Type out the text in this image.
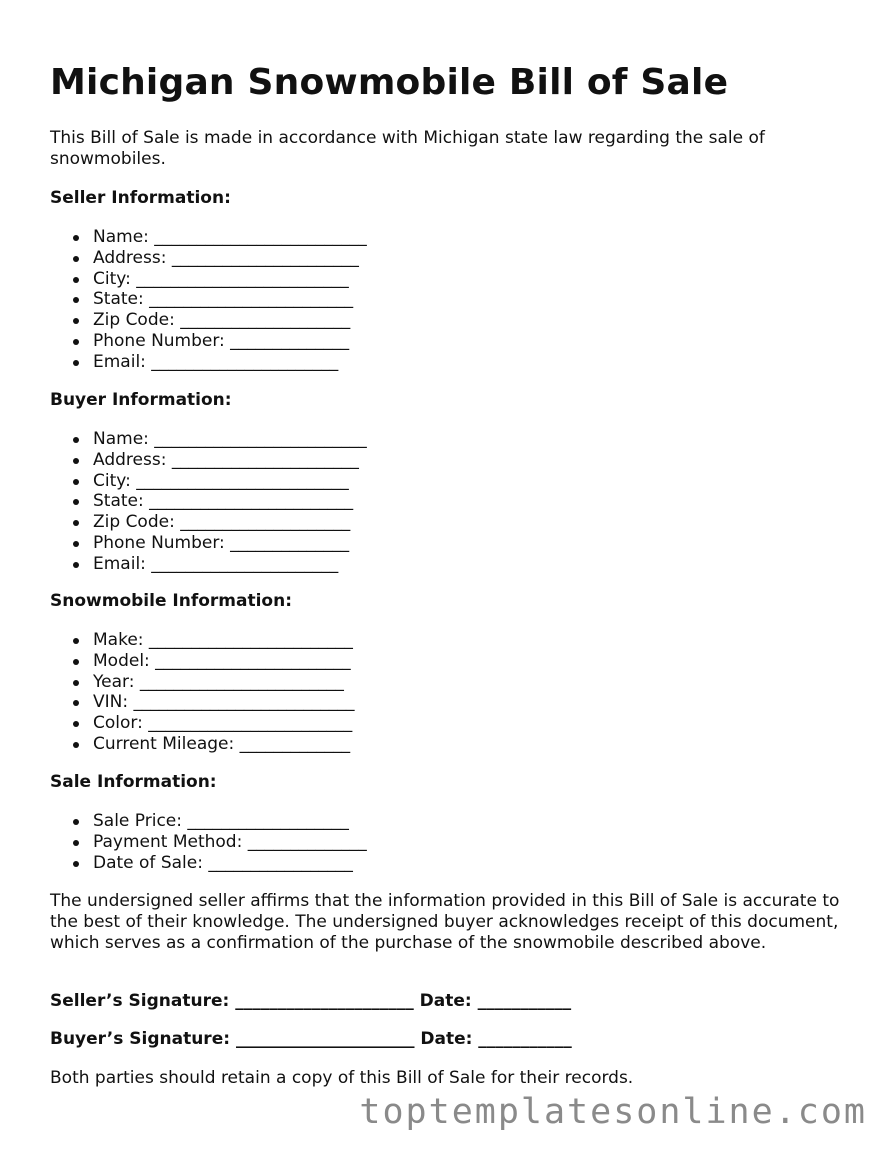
Michigan Snowmobile Bill of Sale

This Bill of Sale is made in accordance with Michigan state law regarding the sale of snowmobiles.

Seller Information:
Name: _________________________
Address: ______________________
City: _________________________
State: ________________________
Zip Code: ____________________
Phone Number: ______________
Email: ______________________
Buyer Information:
Name: _________________________
Address: ______________________
City: _________________________
State: ________________________
Zip Code: ____________________
Phone Number: ______________
Email: ______________________
Snowmobile Information:
Make: ________________________
Model: _______________________
Year: ________________________
VIN: __________________________
Color: ________________________
Current Mileage: _____________
Sale Information:
Sale Price: ___________________
Payment Method: ______________
Date of Sale: _________________

The undersigned seller affirms that the information provided in this Bill of Sale is accurate to the best of their knowledge. The undersigned buyer acknowledges receipt of this document, which serves as a confirmation of the purchase of the snowmobile described above.

Seller’s Signature: _____________________ Date: ___________

Buyer’s Signature: _____________________ Date: ___________

Both parties should retain a copy of this Bill of Sale for their records.

toptemplatesonline.com
